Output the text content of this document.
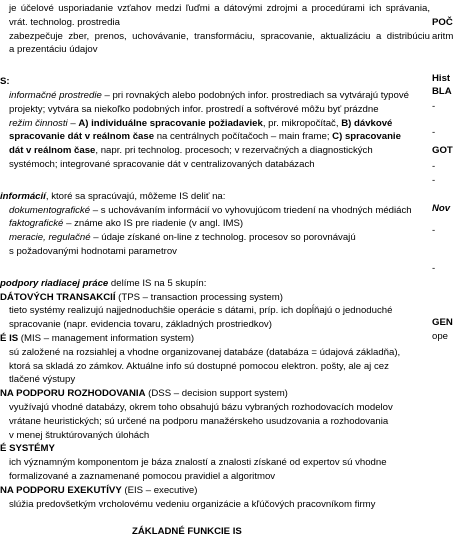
je účelové usporiadanie vzťahov medzi ľuďmi a dátovými zdrojmi a procedúrami ich správania,
vrát. technolog. prostredia
zabezpečuje zber, prenos, uchovávanie, transformáciu, spracovanie, aktualizáciu a distribúciu
a prezentáciu údajov
S:
informačné prostredie – pri rovnakých alebo podobných infor. prostrediach sa vytvárajú typové
projekty; vytvára sa niekoľko podobných infor. prostredí a softvérové môžu byť prázdne
režim činnosti – A) individuálne spracovanie požiadaviek, pr. mikropočítač, B) dávkové
spracovanie dát v reálnom čase na centrálnych počítačoch – main frame; C) spracovanie
dát v reálnom čase, napr. pri technolog. procesoch; v rezervačných a diagnostických
systémoch; integrované spracovanie dát v centralizovaných databázach
informácií, ktoré sa spracúvajú, môžeme IS deliť na:
dokumentografické – s uchovávaním informácií vo vyhovujúcom triedení na vhodných médiách
faktografické – známe ako IS pre riadenie (v angl. IMS)
meracie, regulačné – údaje získané on-line z technolog. procesov so porovnávajú
s požadovanými hodnotami parametrov
podpory riadiacej práce delíme IS na 5 skupín:
DÁTOVÝCH TRANSAKCIÍ (TPS – transaction processing system)
tieto systémy realizujú najjednoduchšie operácie s dátami, príp. ich dopĺňajú o jednoduché
spracovanie (napr. evidencia tovaru, základných prostriedkov)
É IS (MIS – management information system)
sú založené na rozsiahlej a vhodne organizovanej databáze (databáza = údajová základňa),
ktorá sa skladá zo zámkov. Aktuálne info sú dostupné pomocou elektron. pošty, ale aj cez
tlačené výstupy
NA PODPORU ROZHODOVANIA (DSS – decision support system)
využívajú vhodné databázy, okrem toho obsahujú bázu vybraných rozhodovacích modelov
vrátane heuristických; sú určené na podporu manažérskeho usudzovania a rozhodovania
v menej štruktúrovaných úlohách
É SYSTÉMY
ich významným komponentom je báza znalostí a znalosti získané od expertov sú vhodne
formalizované a zaznamenané pomocou pravidiel a algoritmov
NA PODPORU EXEKUTÍVY (EIS – executive)
slúžia predovšetkým vrcholovému vedeniu organizácie a kľúčových pracovníkom firmy
ZÁKLADNÉ FUNKCIE IS
POČ
aritm
Hist
BLA
-
-
GOT
-
-
Nov
-
-
GEN
ope
